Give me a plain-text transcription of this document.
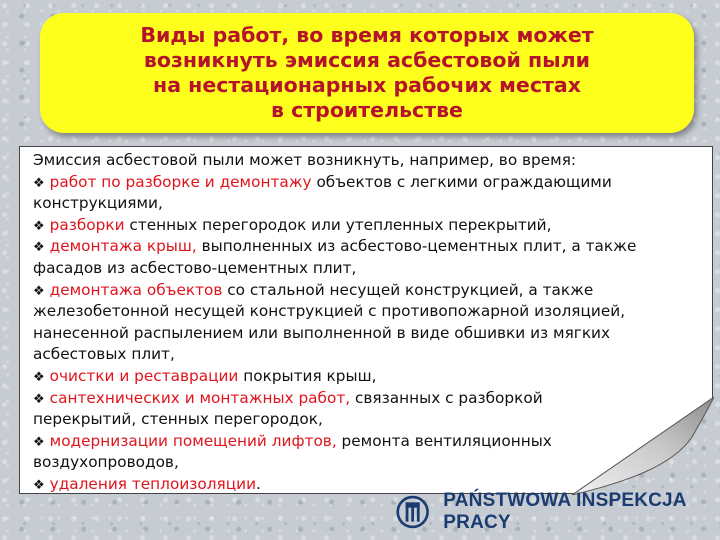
Виды работ, во время которых может
возникнуть эмиссия асбестовой пыли
на нестационарных рабочих местах
в строительстве

Эмиссия асбестовой пыли может возникнуть, например, во время:
❖ работ по разборке и демонтажу объектов с легкими ограждающими
конструкциями,
❖ разборки стенных перегородок или утепленных перекрытий,
❖ демонтажа крыш, выполненных из асбестово-цементных плит, а также
фасадов из асбестово-цементных плит,
❖ демонтажа объектов со стальной несущей конструкцией, а также
железобетонной несущей конструкцией с противопожарной изоляцией,
нанесенной распылением или выполненной в виде обшивки из мягких
асбестовых плит,
❖ очистки и реставрации покрытия крыш,
❖ сантехнических и монтажных работ, связанных с разборкой
перекрытий, стенных перегородок,
❖ модернизации помещений лифтов, ремонта вентиляционных
воздухопроводов,
❖ удаления теплоизоляции.
PAŃSTWOWA INSPEKCJA PRACY
